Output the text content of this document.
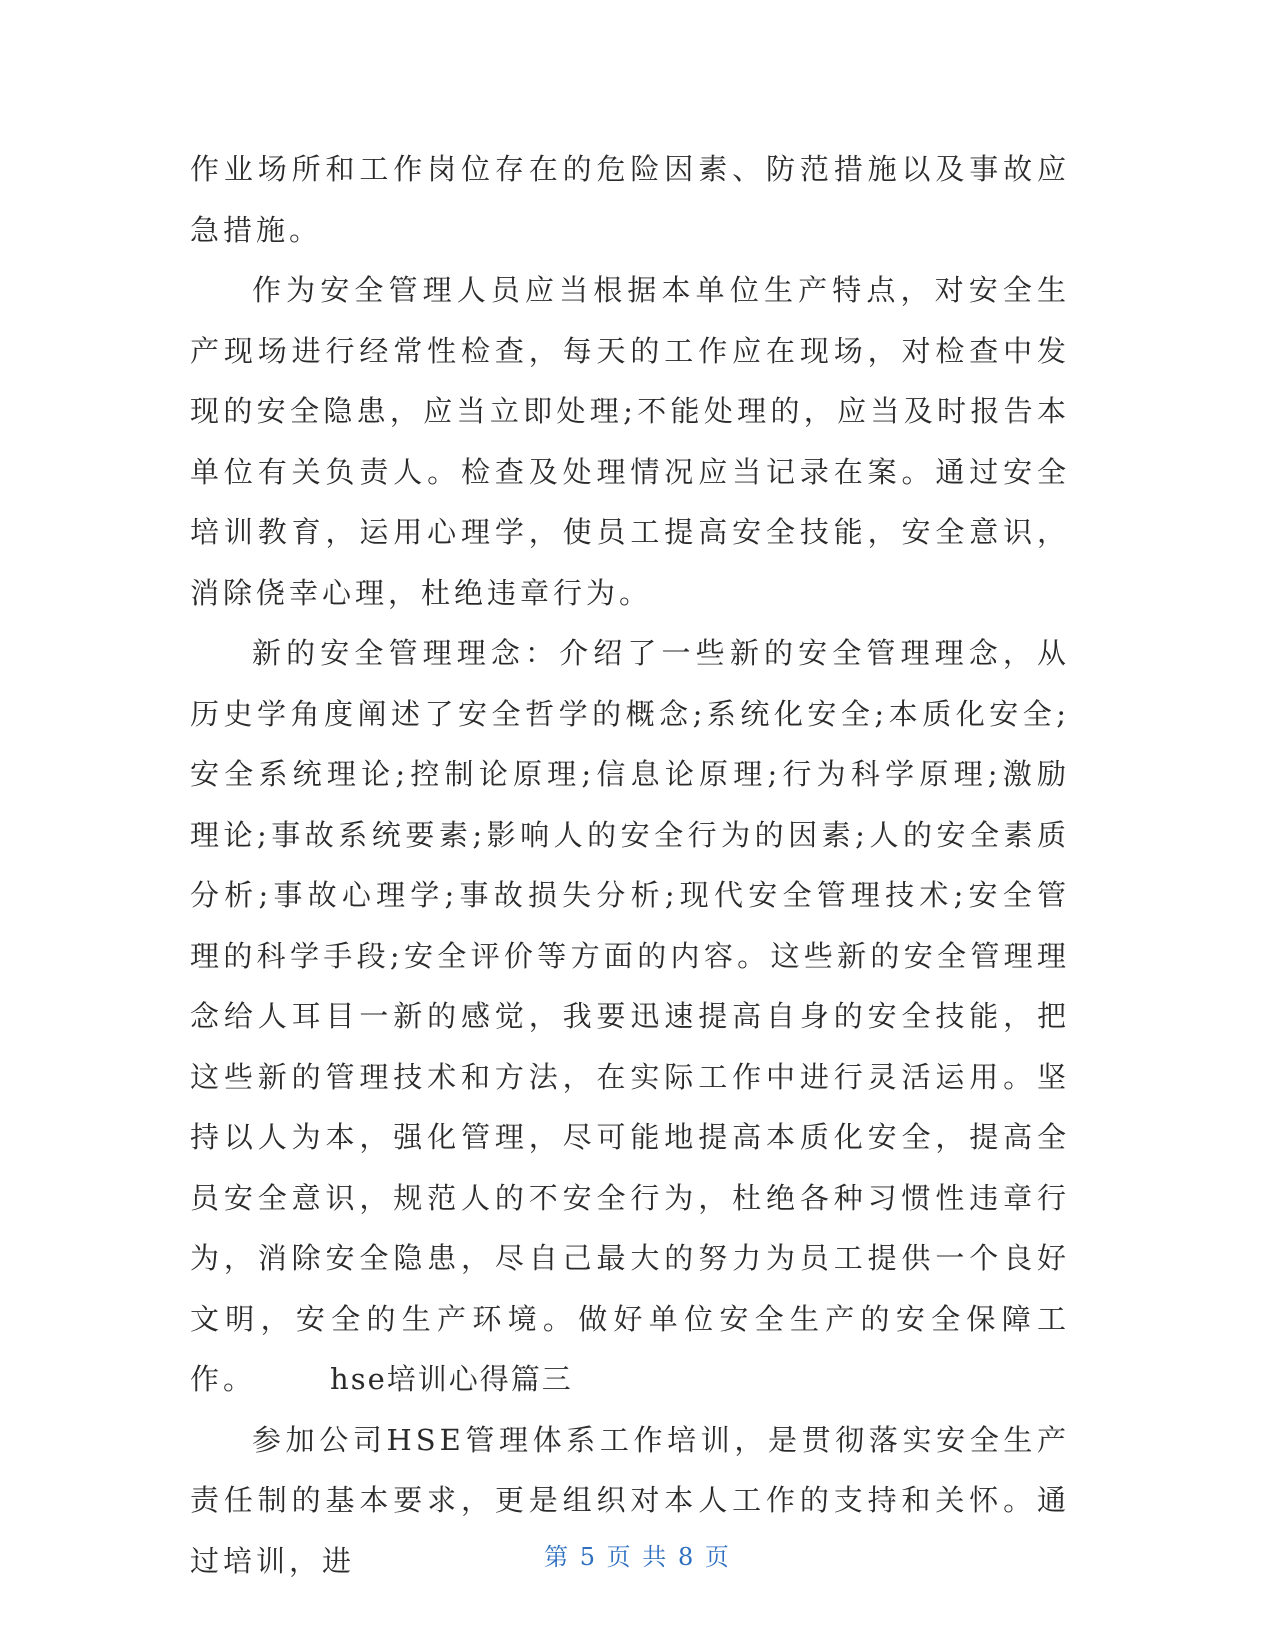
作业场所和工作岗位存在的危险因素、防范措施以及事故应急措施。

作为安全管理人员应当根据本单位生产特点，对安全生产现场进行经常性检查，每天的工作应在现场，对检查中发现的安全隐患，应当立即处理;不能处理的，应当及时报告本单位有关负责人。检查及处理情况应当记录在案。通过安全培训教育，运用心理学，使员工提高安全技能，安全意识，消除侥幸心理，杜绝违章行为。

新的安全管理理念：介绍了一些新的安全管理理念，从历史学角度阐述了安全哲学的概念;系统化安全;本质化安全;安全系统理论;控制论原理;信息论原理;行为科学原理;激励理论;事故系统要素;影响人的安全行为的因素;人的安全素质分析;事故心理学;事故损失分析;现代安全管理技术;安全管理的科学手段;安全评价等方面的内容。这些新的安全管理理念给人耳目一新的感觉，我要迅速提高自身的安全技能，把这些新的管理技术和方法，在实际工作中进行灵活运用。坚持以人为本，强化管理，尽可能地提高本质化安全，提高全员安全意识，规范人的不安全行为，杜绝各种习惯性违章行为，消除安全隐患，尽自己最大的努力为员工提供一个良好文明，安全的生产环境。做好单位安全生产的安全保障工作。	hse培训心得篇三

参加公司HSE管理体系工作培训，是贯彻落实安全生产责任制的基本要求，更是组织对本人工作的支持和关怀。通过培训，进	第 5 页 共 8 页
